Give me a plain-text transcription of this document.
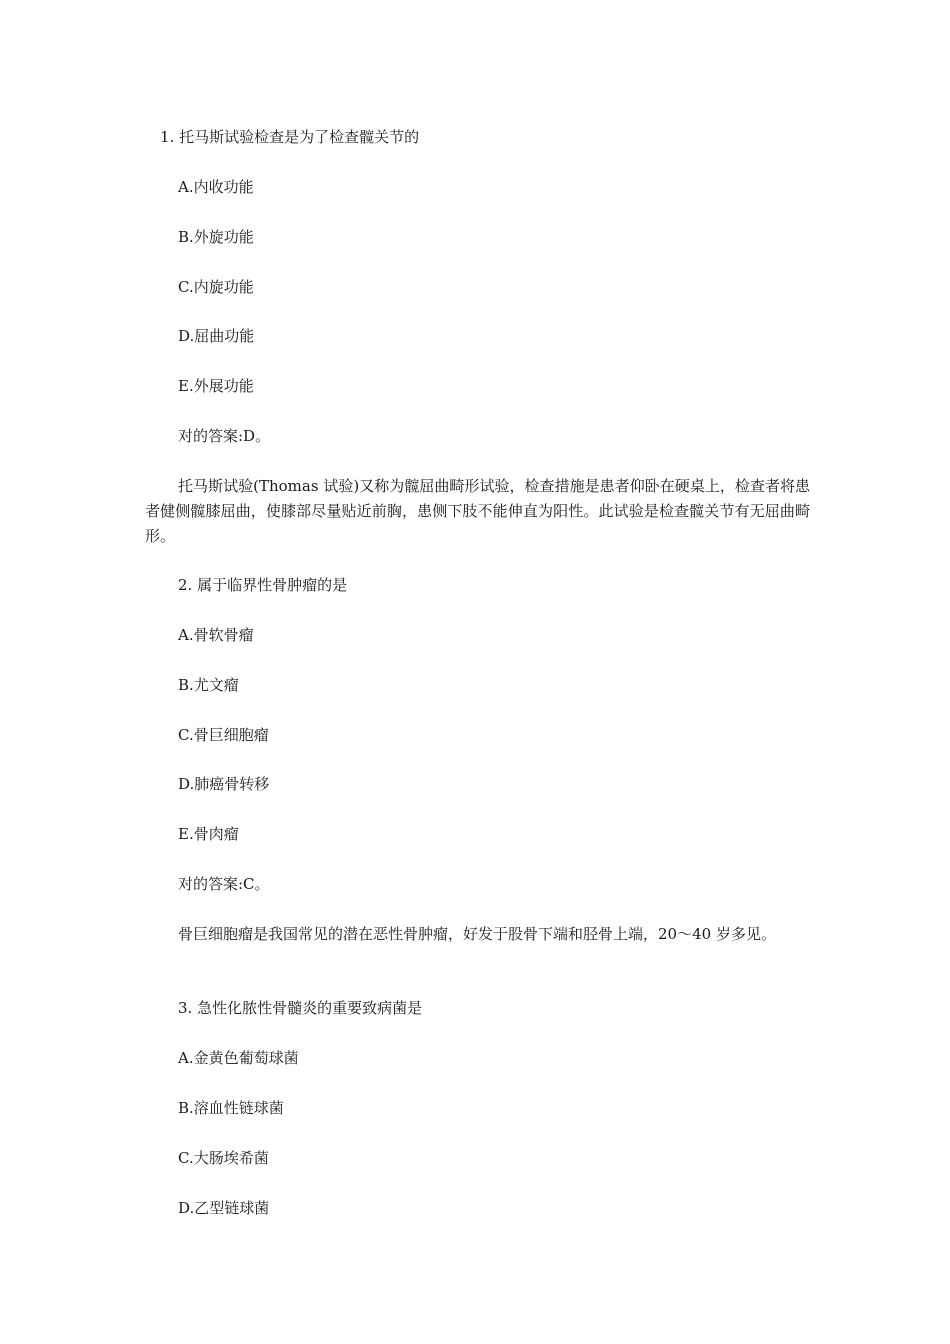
1. 托马斯试验检查是为了检查髋关节的
A.内收功能
B.外旋功能
C.内旋功能
D.屈曲功能
E.外展功能
对的答案:D。
托马斯试验(Thomas 试验)又称为髋屈曲畸形试验，检查措施是患者仰卧在硬桌上，检查者将患者健侧髋膝屈曲，使膝部尽量贴近前胸，患侧下肢不能伸直为阳性。此试验是检查髋关节有无屈曲畸形。
2. 属于临界性骨肿瘤的是
A.骨软骨瘤
B.尤文瘤
C.骨巨细胞瘤
D.肺癌骨转移
E.骨肉瘤
对的答案:C。
骨巨细胞瘤是我国常见的潜在恶性骨肿瘤，好发于股骨下端和胫骨上端，20～40 岁多见。
3. 急性化脓性骨髓炎的重要致病菌是
A.金黄色葡萄球菌
B.溶血性链球菌
C.大肠埃希菌
D.乙型链球菌
